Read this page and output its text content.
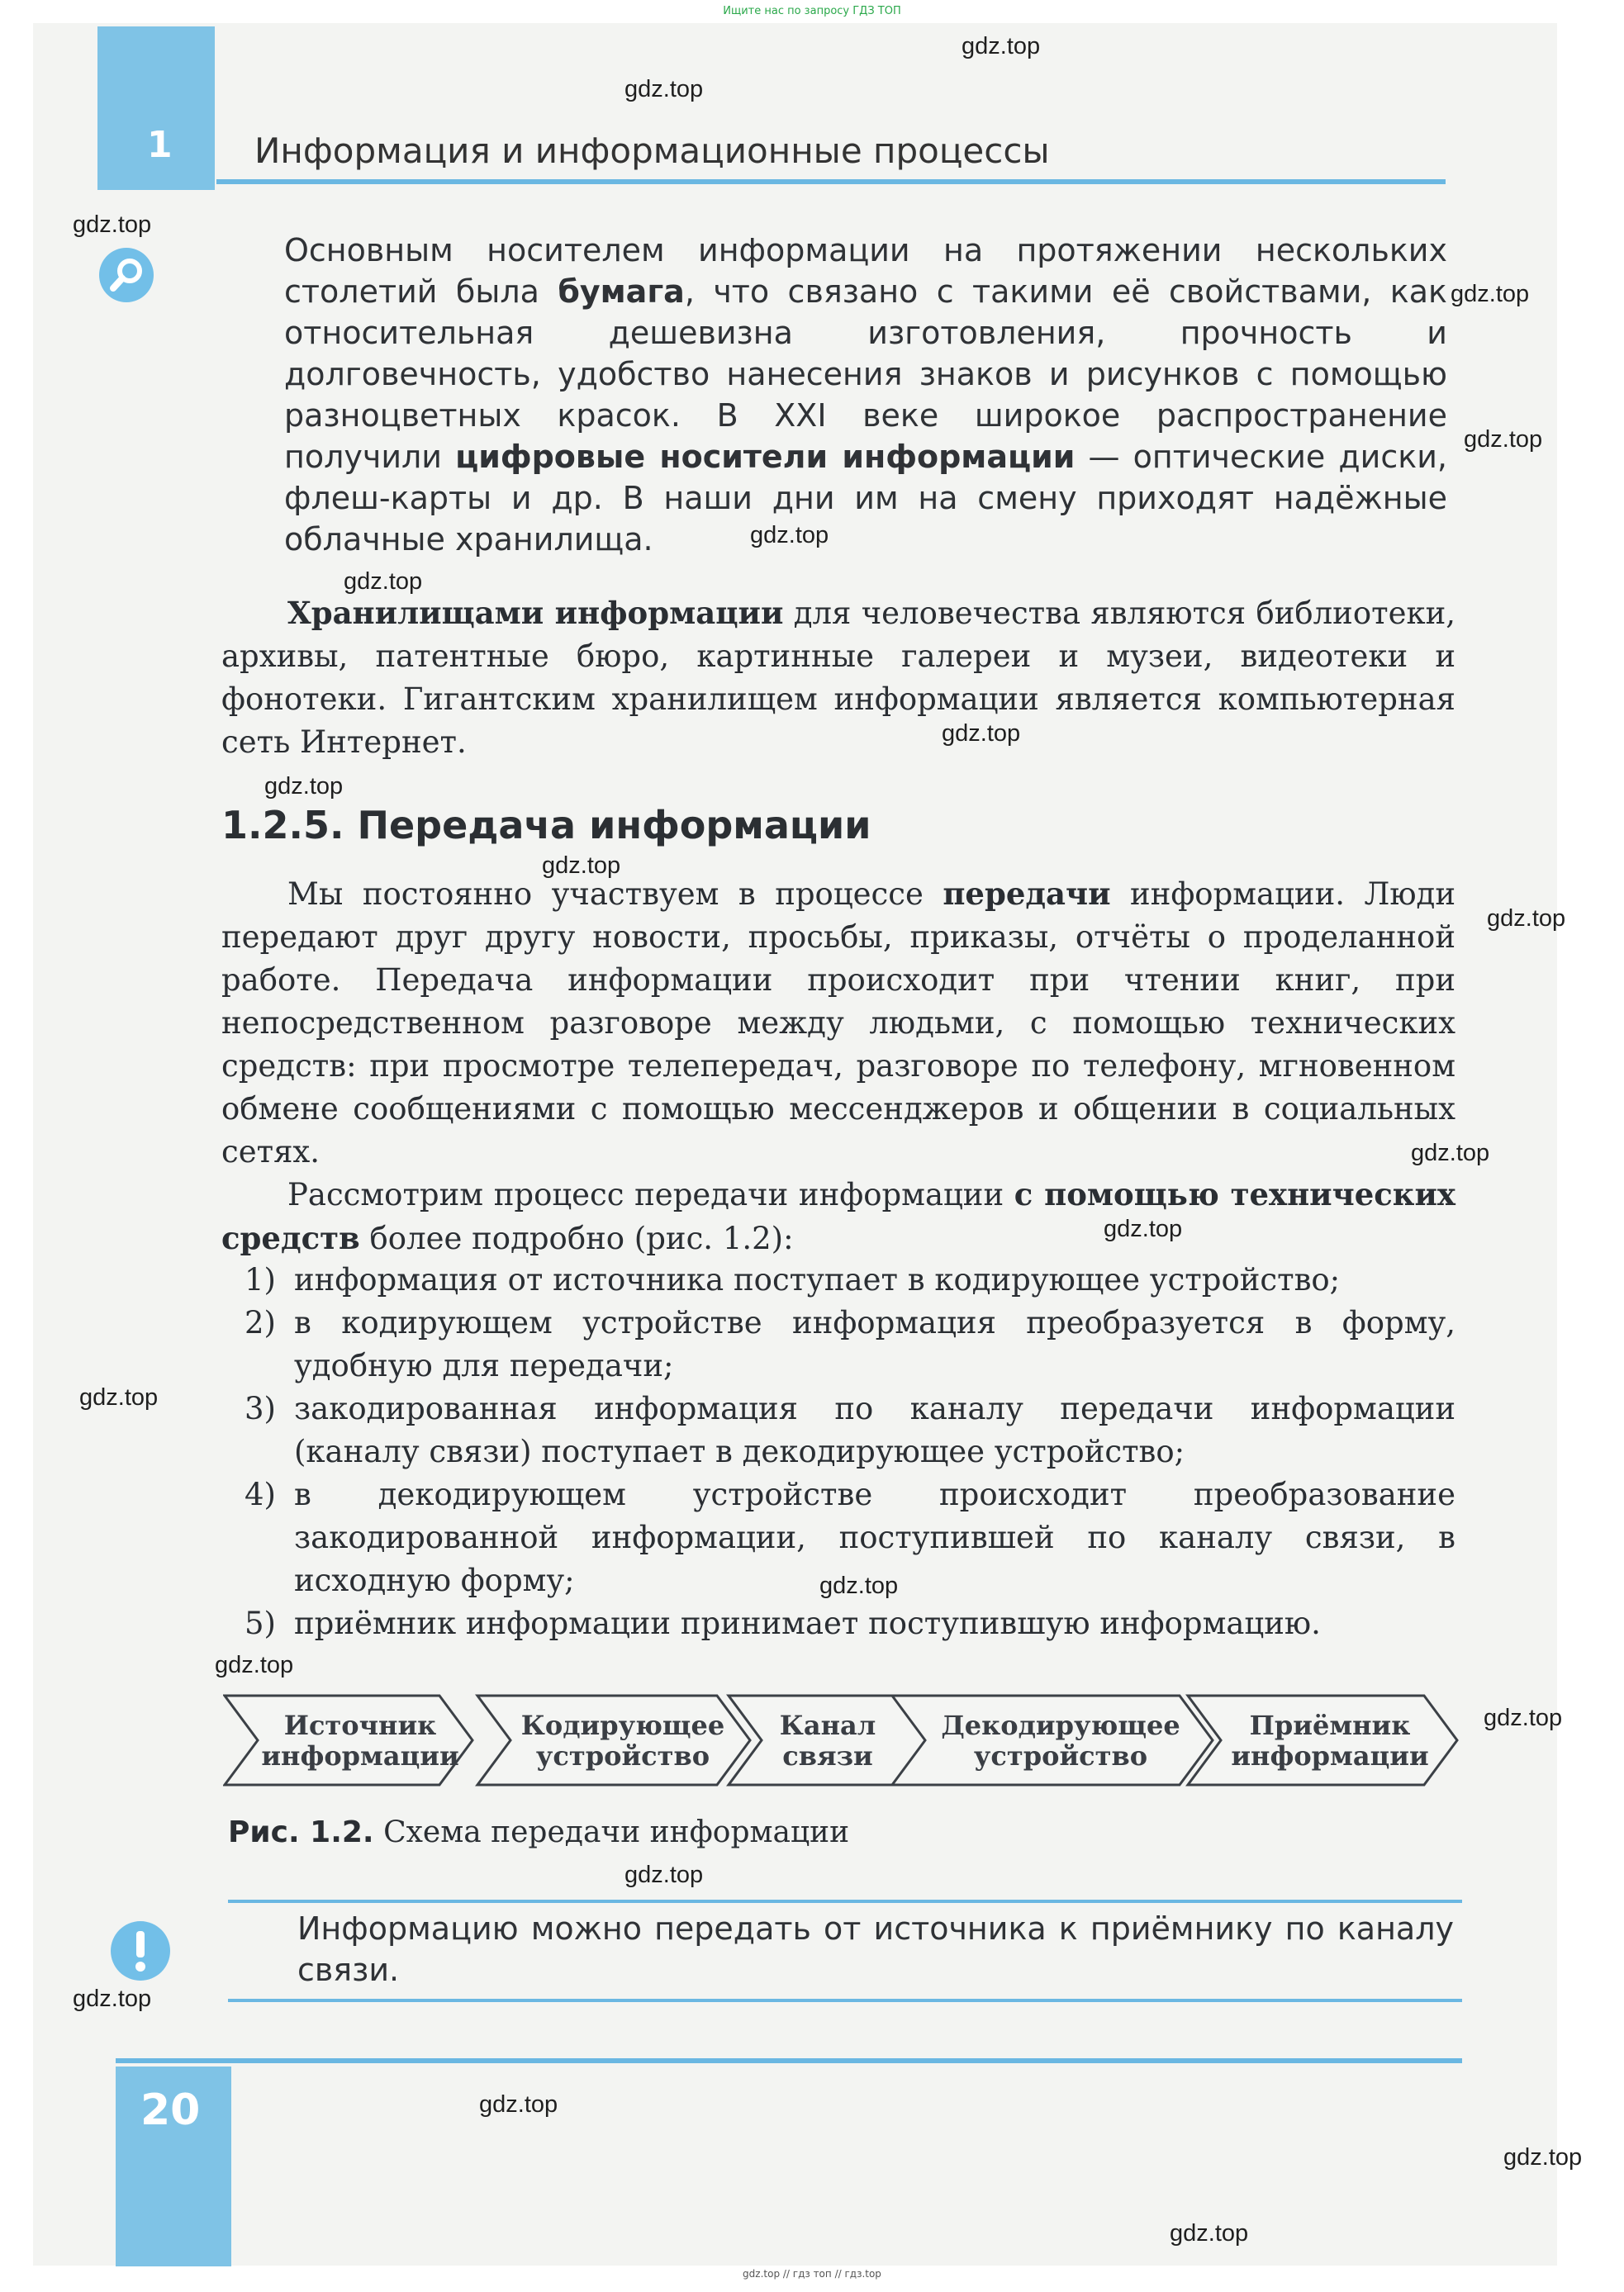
Ищите нас по запросу ГДЗ ТОП
1 Информация и информационные процессы

Основным носителем информации на протяжении нескольких столетий была бумага, что связано с такими её свойствами, как относительная дешевизна изготовления, прочность и долговечность, удобство нанесения знаков и рисунков с помощью разноцветных красок. В XXI веке широкое распространение получили цифровые носители информации — оптические диски, флеш-карты и др. В наши дни им на смену приходят надёжные облачные хранилища.

Хранилищами информации для человечества являются библиотеки, архивы, патентные бюро, картинные галереи и музеи, видеотеки и фонотеки. Гигантским хранилищем информации является компьютерная сеть Интернет.

1.2.5. Передача информации

Мы постоянно участвуем в процессе передачи информации. Люди передают друг другу новости, просьбы, приказы, отчёты о проделанной работе. Передача информации происходит при чтении книг, при непосредственном разговоре между людьми, с помощью технических средств: при просмотре телепередач, разговоре по телефону, мгновенном обмене сообщениями с помощью мессенджеров и общении в социальных сетях.

Рассмотрим процесс передачи информации с помощью технических средств более подробно (рис. 1.2):

1) информация от источника поступает в кодирующее устройство;
2) в кодирующем устройстве информация преобразуется в форму, удобную для передачи;
3) закодированная информация по каналу передачи информации (каналу связи) поступает в декодирующее устройство;
4) в декодирующем устройстве происходит преобразование закодированной информации, поступившей по каналу связи, в исходную форму;
5) приёмник информации принимает поступившую информацию.
Источник
информации
Кодирующее
устройство
Канал
связи
Декодирующее
устройство
Приёмник
информации
Рис. 1.2. Схема передачи информации

Информацию можно передать от источника к приёмнику по каналу связи.

20
gdz.top // гдз топ // гдз.top
gdz.top
gdz.top
gdz.top
gdz.top
gdz.top
gdz.top
gdz.top
gdz.top
gdz.top
gdz.top
gdz.top
gdz.top
gdz.top
gdz.top
gdz.top
gdz.top
gdz.top
gdz.top
gdz.top
gdz.top
gdz.top
gdz.top
